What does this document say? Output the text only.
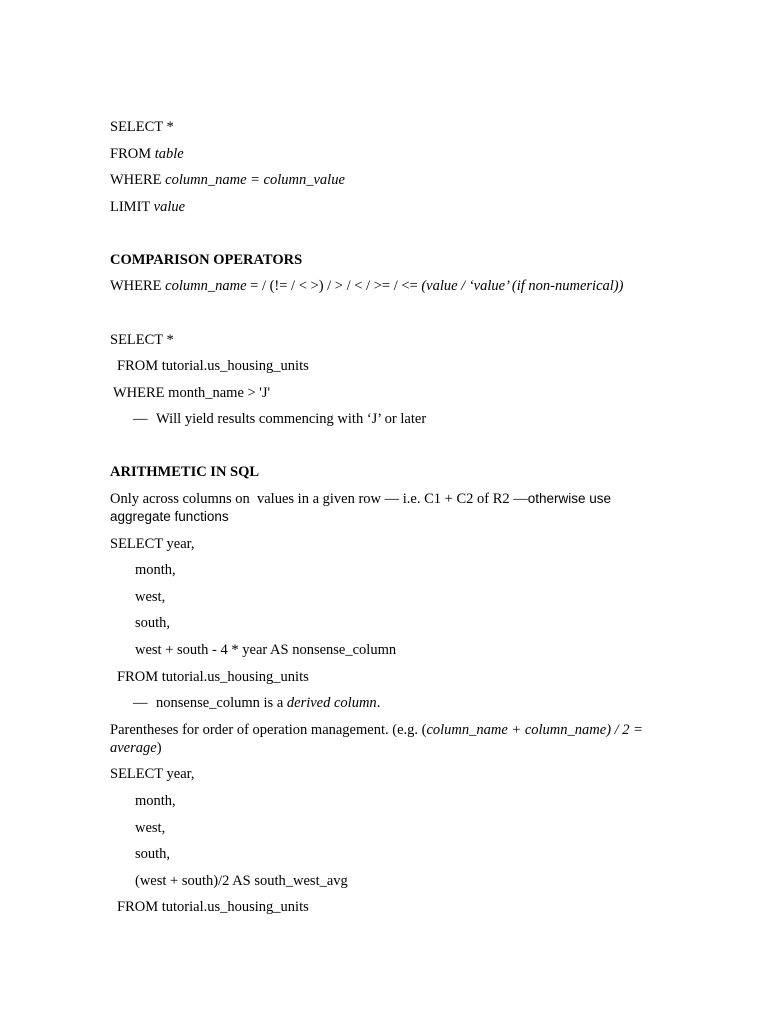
SELECT *
FROM table
WHERE column_name = column_value
LIMIT value
COMPARISON OPERATORS
WHERE column_name = / (!= / < >) / > / < / >= / <= (value / ‘value’ (if non-numerical))
SELECT *
FROM tutorial.us_housing_units
WHERE month_name > 'J'
— Will yield results commencing with ‘J’ or later
ARITHMETIC IN SQL
Only across columns on  values in a given row — i.e. C1 + C2 of R2 —otherwise use
aggregate functions
SELECT year,
month,
west,
south,
west + south - 4 * year AS nonsense_column
FROM tutorial.us_housing_units
— nonsense_column is a derived column.
Parentheses for order of operation management. (e.g. (column_name + column_name) / 2 = average)
SELECT year,
month,
west,
south,
(west + south)/2 AS south_west_avg
FROM tutorial.us_housing_units
